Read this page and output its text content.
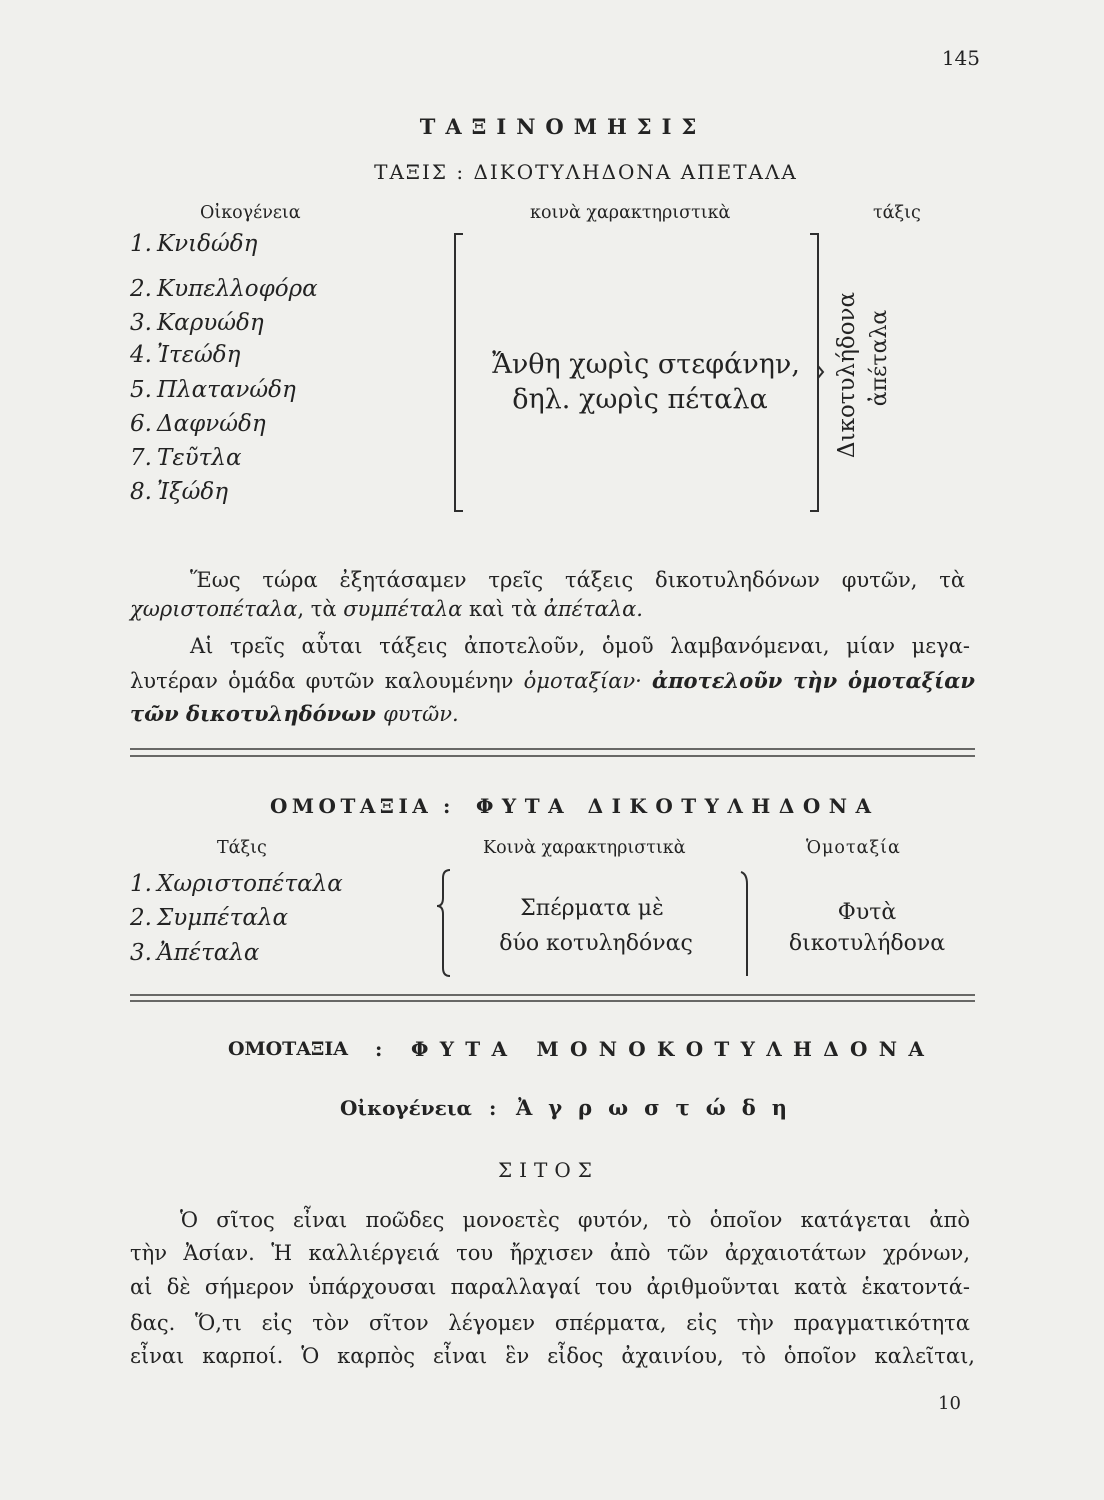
145
ΤΑΞΙΝΟΜΗΣΙΣ
ΤΑΞΙΣ : ΔΙΚΟΤΥΛΗΔΟΝΑ ΑΠΕΤΑΛΑ
Οἰκογένεια	κοινὰ χαρακτηριστικὰ	τάξις
1. Κνιδώδη
2. Κυπελλοφόρα
3. Καρυώδη
4. Ἰτεώδη
5. Πλατανώδη
6. Δαφνώδη
7. Τεῦτλα
8. Ἰξώδη
Ἄνθη χωρὶς στεφάνην,
δηλ. χωρὶς πέταλα	Δικοτυλήδονα ἀπέταλα
Ἕως τώρα ἐξητάσαμεν τρεῖς τάξεις δικοτυληδόνων φυτῶν, τὰ
χωριστοπέταλα, τὰ συμπέταλα καὶ τὰ ἀπέταλα.
Αἱ τρεῖς αὗται τάξεις ἀποτελοῦν, ὁμοῦ λαμβανόμεναι, μίαν μεγα-
λυτέραν ὁμάδα φυτῶν καλουμένην ὁμοταξίαν· ἀποτελοῦν τὴν ὁμοταξίαν
τῶν δικοτυληδόνων φυτῶν.
ΟΜΟΤΑΞΙΑ : ΦΥΤΑ ΔΙΚΟΤΥΛΗΔΟΝΑ
Τάξις	Κοινὰ χαρακτηριστικὰ	Ὁμοταξία
1. Χωριστοπέταλα
2. Συμπέταλα
3. Ἀπέταλα
Σπέρματα μὲ
δύο κοτυληδόνας
Φυτὰ
δικοτυλήδονα
ΟΜΟΤΑΞΙΑ : ΦΥΤΑ ΜΟΝΟΚΟΤΥΛΗΔΟΝΑ
Οἰκογένεια : Ἀγρωστώδη
ΣΙΤΟΣ
Ὁ σῖτος εἶναι ποῶδες μονοετὲς φυτόν, τὸ ὁποῖον κατάγεται ἀπὸ
τὴν Ἀσίαν. Ἡ καλλιέργειά του ἤρχισεν ἀπὸ τῶν ἀρχαιοτάτων χρόνων,
αἱ δὲ σήμερον ὑπάρχουσαι παραλλαγαί του ἀριθμοῦνται κατὰ ἑκατοντά-
δας. Ὅ,τι εἰς τὸν σῖτον λέγομεν σπέρματα, εἰς τὴν πραγματικότητα
εἶναι καρποί. Ὁ καρπὸς εἶναι ἓν εἶδος ἀχαινίου, τὸ ὁποῖον καλεῖται,
10
